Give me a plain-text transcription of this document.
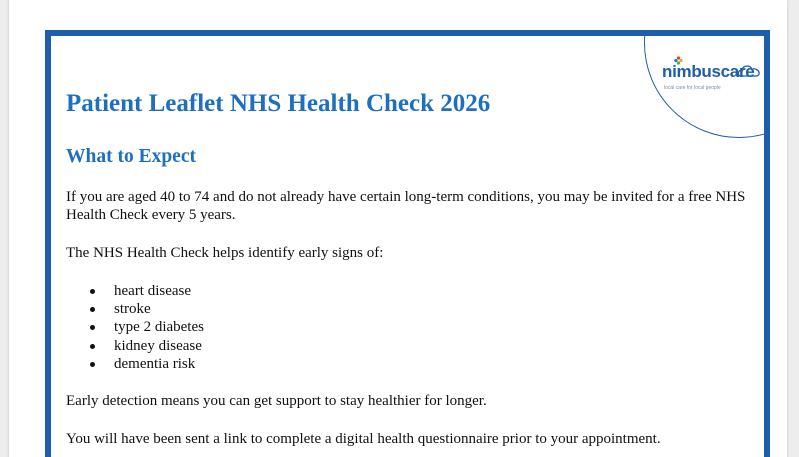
nimbuscare
local care for local people
Patient Leaflet NHS Health Check 2026
What to Expect

If you are aged 40 to 74 and do not already have certain long-term conditions, you may be invited for a free NHS Health Check every 5 years.

The NHS Health Check helps identify early signs of:

heart disease
stroke
type 2 diabetes
kidney disease
dementia risk

Early detection means you can get support to stay healthier for longer.

You will have been sent a link to complete a digital health questionnaire prior to your appointment.
